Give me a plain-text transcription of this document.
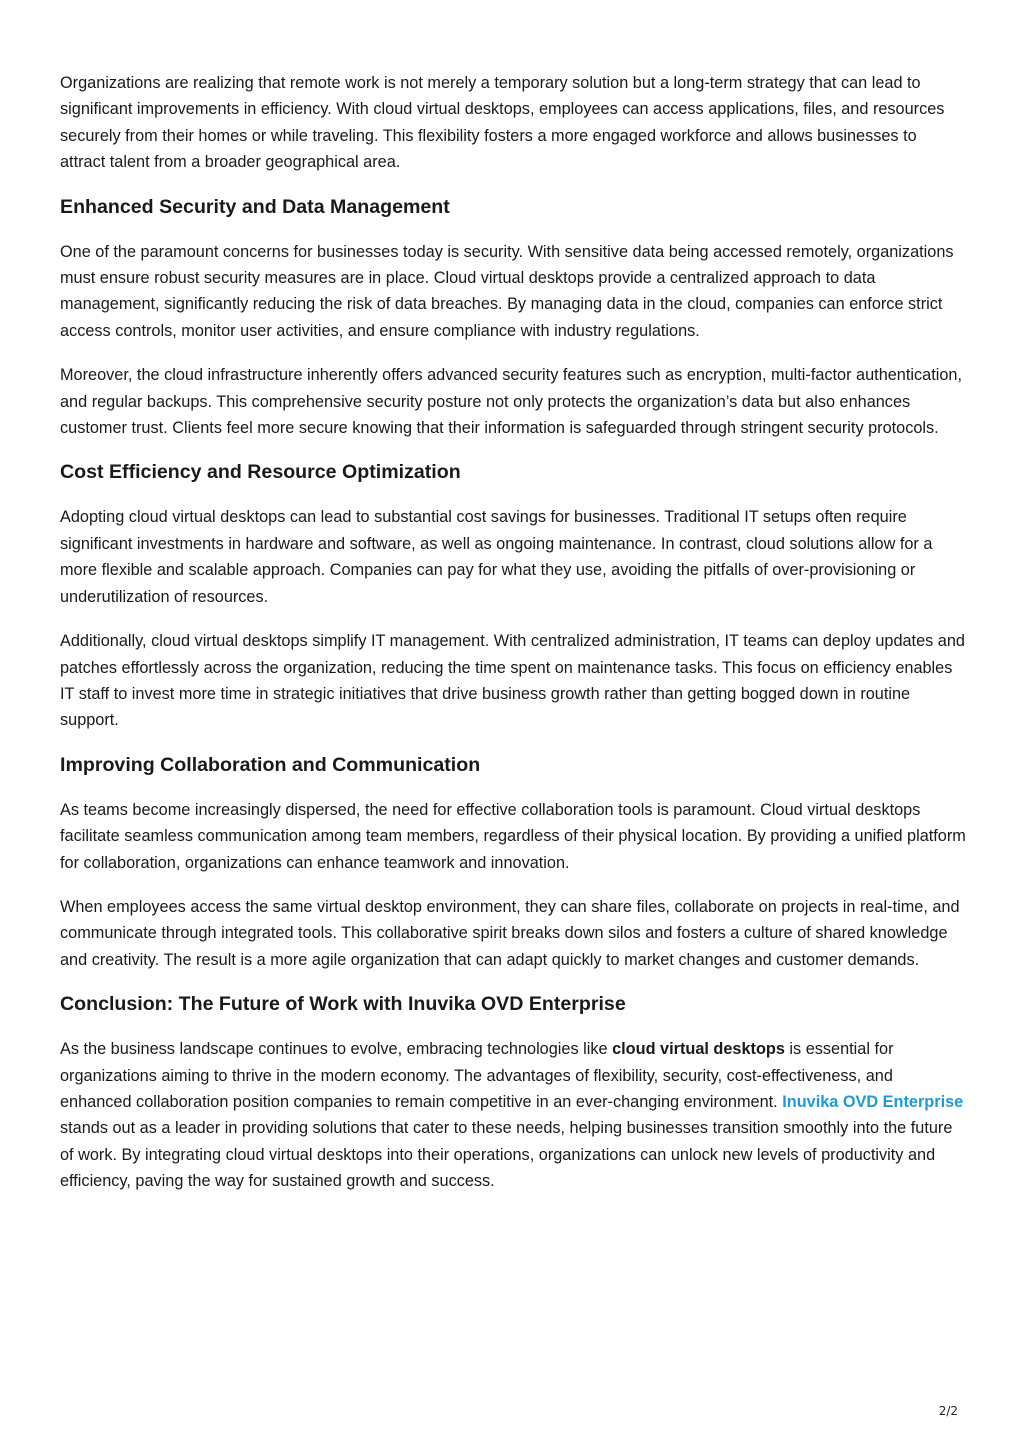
Organizations are realizing that remote work is not merely a temporary solution but a long-term strategy that can lead to significant improvements in efficiency. With cloud virtual desktops, employees can access applications, files, and resources securely from their homes or while traveling. This flexibility fosters a more engaged workforce and allows businesses to attract talent from a broader geographical area.

Enhanced Security and Data Management

One of the paramount concerns for businesses today is security. With sensitive data being accessed remotely, organizations must ensure robust security measures are in place. Cloud virtual desktops provide a centralized approach to data management, significantly reducing the risk of data breaches. By managing data in the cloud, companies can enforce strict access controls, monitor user activities, and ensure compliance with industry regulations.

Moreover, the cloud infrastructure inherently offers advanced security features such as encryption, multi-factor authentication, and regular backups. This comprehensive security posture not only protects the organization’s data but also enhances customer trust. Clients feel more secure knowing that their information is safeguarded through stringent security protocols.

Cost Efficiency and Resource Optimization

Adopting cloud virtual desktops can lead to substantial cost savings for businesses. Traditional IT setups often require significant investments in hardware and software, as well as ongoing maintenance. In contrast, cloud solutions allow for a more flexible and scalable approach. Companies can pay for what they use, avoiding the pitfalls of over-provisioning or underutilization of resources.

Additionally, cloud virtual desktops simplify IT management. With centralized administration, IT teams can deploy updates and patches effortlessly across the organization, reducing the time spent on maintenance tasks. This focus on efficiency enables IT staff to invest more time in strategic initiatives that drive business growth rather than getting bogged down in routine support.

Improving Collaboration and Communication

As teams become increasingly dispersed, the need for effective collaboration tools is paramount. Cloud virtual desktops facilitate seamless communication among team members, regardless of their physical location. By providing a unified platform for collaboration, organizations can enhance teamwork and innovation.

When employees access the same virtual desktop environment, they can share files, collaborate on projects in real-time, and communicate through integrated tools. This collaborative spirit breaks down silos and fosters a culture of shared knowledge and creativity. The result is a more agile organization that can adapt quickly to market changes and customer demands.

Conclusion: The Future of Work with Inuvika OVD Enterprise

As the business landscape continues to evolve, embracing technologies like cloud virtual desktops is essential for organizations aiming to thrive in the modern economy. The advantages of flexibility, security, cost-effectiveness, and enhanced collaboration position companies to remain competitive in an ever-changing environment. Inuvika OVD Enterprise stands out as a leader in providing solutions that cater to these needs, helping businesses transition smoothly into the future of work. By integrating cloud virtual desktops into their operations, organizations can unlock new levels of productivity and efficiency, paving the way for sustained growth and success.

2/2
